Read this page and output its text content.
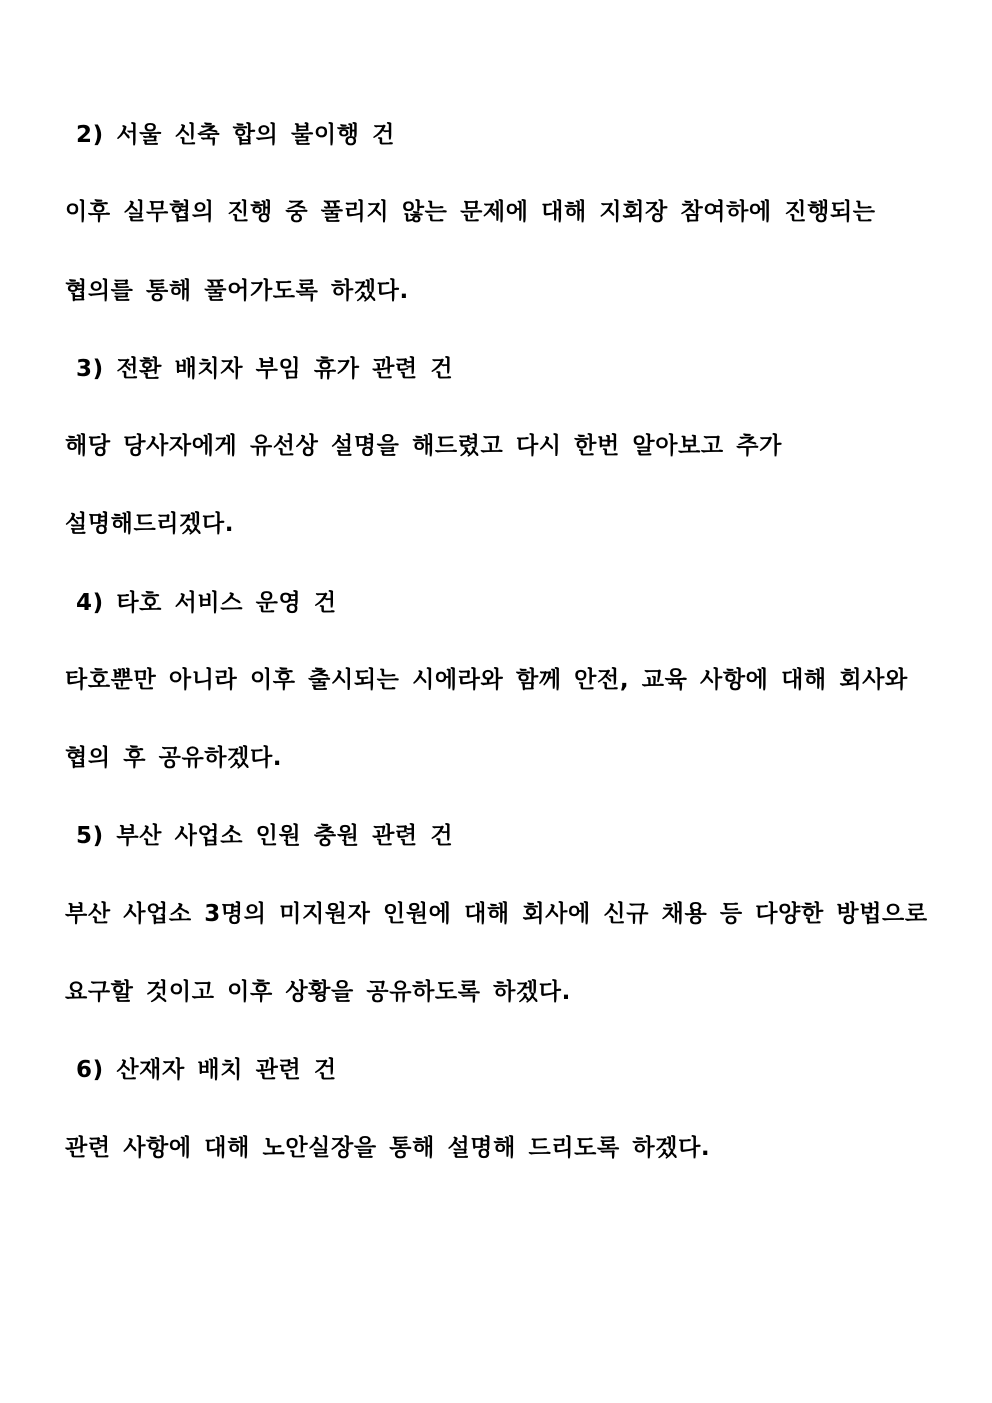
2) 서울 신축 합의 불이행 건
이후 실무협의 진행 중 풀리지 않는 문제에 대해 지회장 참여하에 진행되는
협의를 통해 풀어가도록 하겠다.
3) 전환 배치자 부임 휴가 관련 건
해당 당사자에게 유선상 설명을 해드렸고 다시 한번 알아보고 추가
설명해드리겠다.
4) 타호 서비스 운영 건
타호뿐만 아니라 이후 출시되는 시에라와 함께 안전, 교육 사항에 대해 회사와
협의 후 공유하겠다.
5) 부산 사업소 인원 충원 관련 건
부산 사업소 3명의 미지원자 인원에 대해 회사에 신규 채용 등 다양한 방법으로
요구할 것이고 이후 상황을 공유하도록 하겠다.
6) 산재자 배치 관련 건
관련 사항에 대해 노안실장을 통해 설명해 드리도록 하겠다.
